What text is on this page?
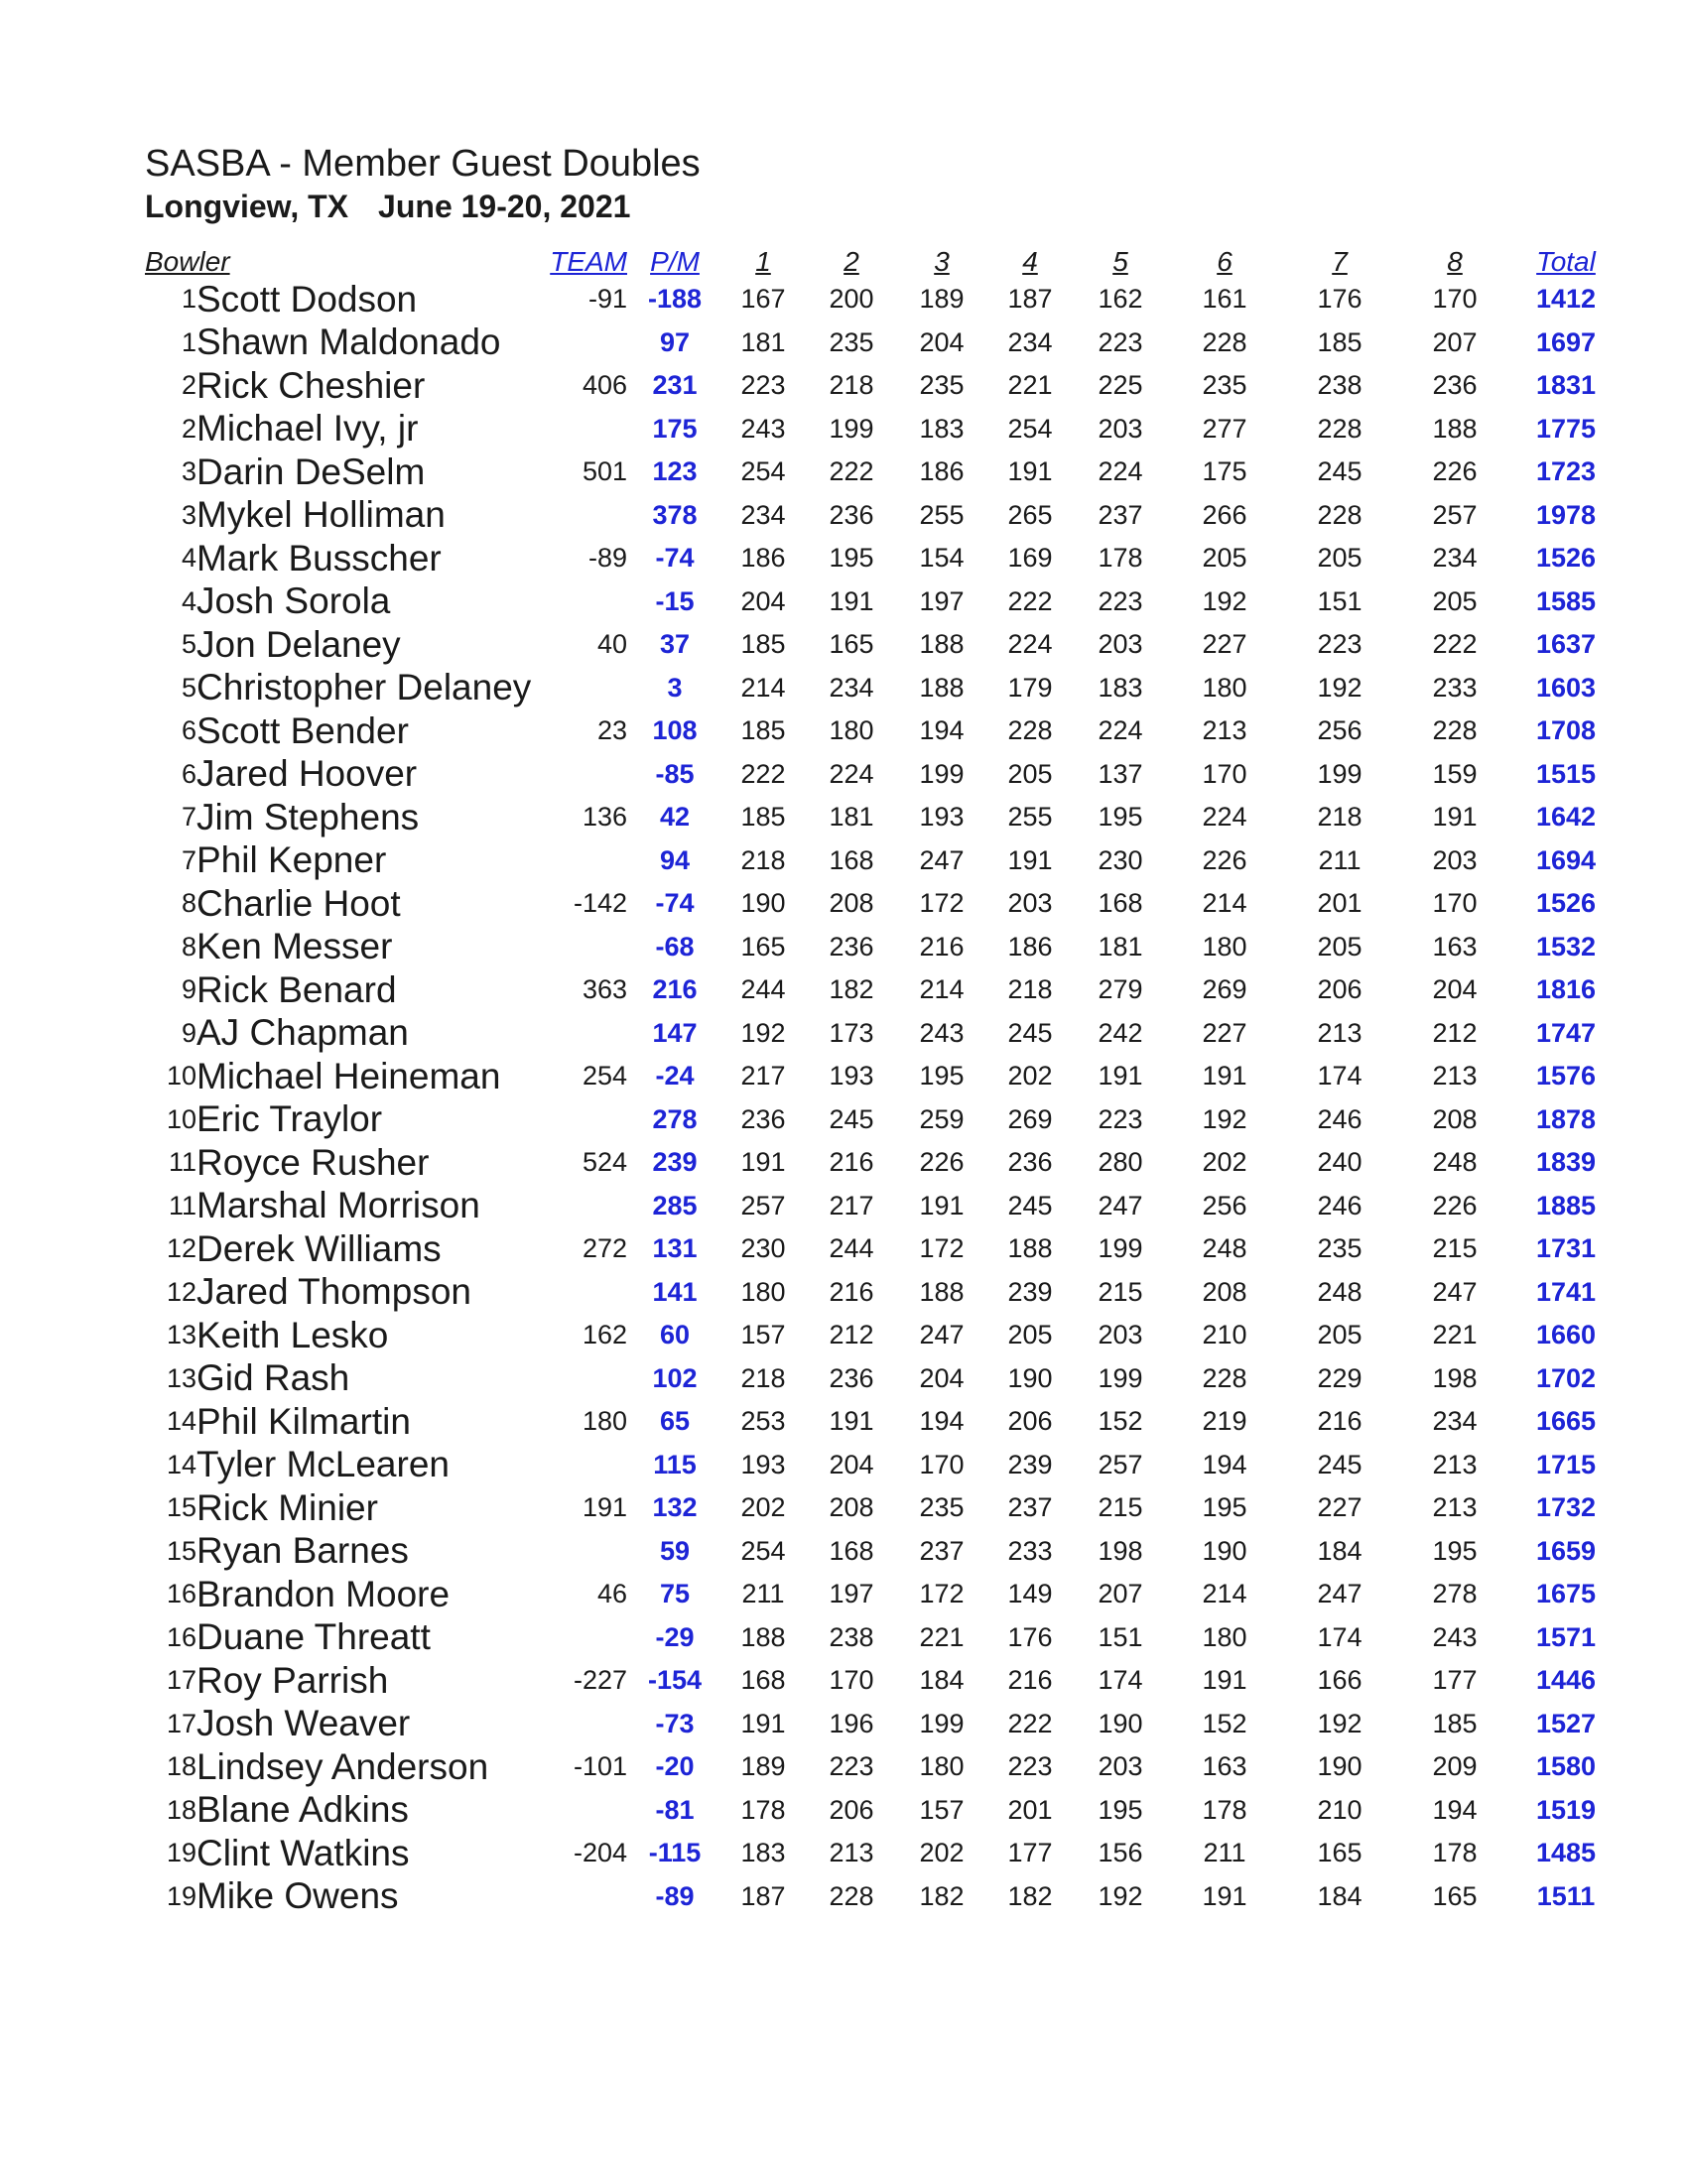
SASBA - Member Guest Doubles
Longview, TX June 19-20, 2021
Bowler		TEAM	P/M	1	2	3	4	5	6	7	8	Total
1	Scott Dodson	-91	-188	167	200	189	187	162	161	176	170	1412
1	Shawn Maldonado		97	181	235	204	234	223	228	185	207	1697
2	Rick Cheshier	406	231	223	218	235	221	225	235	238	236	1831
2	Michael Ivy, jr		175	243	199	183	254	203	277	228	188	1775
3	Darin DeSelm	501	123	254	222	186	191	224	175	245	226	1723
3	Mykel Holliman		378	234	236	255	265	237	266	228	257	1978
4	Mark Busscher	-89	-74	186	195	154	169	178	205	205	234	1526
4	Josh Sorola		-15	204	191	197	222	223	192	151	205	1585
5	Jon Delaney	40	37	185	165	188	224	203	227	223	222	1637
5	Christopher Delaney		3	214	234	188	179	183	180	192	233	1603
6	Scott Bender	23	108	185	180	194	228	224	213	256	228	1708
6	Jared Hoover		-85	222	224	199	205	137	170	199	159	1515
7	Jim Stephens	136	42	185	181	193	255	195	224	218	191	1642
7	Phil Kepner		94	218	168	247	191	230	226	211	203	1694
8	Charlie Hoot	-142	-74	190	208	172	203	168	214	201	170	1526
8	Ken Messer		-68	165	236	216	186	181	180	205	163	1532
9	Rick Benard	363	216	244	182	214	218	279	269	206	204	1816
9	AJ Chapman		147	192	173	243	245	242	227	213	212	1747
10	Michael Heineman	254	-24	217	193	195	202	191	191	174	213	1576
10	Eric Traylor		278	236	245	259	269	223	192	246	208	1878
11	Royce Rusher	524	239	191	216	226	236	280	202	240	248	1839
11	Marshal Morrison		285	257	217	191	245	247	256	246	226	1885
12	Derek Williams	272	131	230	244	172	188	199	248	235	215	1731
12	Jared Thompson		141	180	216	188	239	215	208	248	247	1741
13	Keith Lesko	162	60	157	212	247	205	203	210	205	221	1660
13	Gid Rash		102	218	236	204	190	199	228	229	198	1702
14	Phil Kilmartin	180	65	253	191	194	206	152	219	216	234	1665
14	Tyler McLearen		115	193	204	170	239	257	194	245	213	1715
15	Rick Minier	191	132	202	208	235	237	215	195	227	213	1732
15	Ryan Barnes		59	254	168	237	233	198	190	184	195	1659
16	Brandon Moore	46	75	211	197	172	149	207	214	247	278	1675
16	Duane Threatt		-29	188	238	221	176	151	180	174	243	1571
17	Roy Parrish	-227	-154	168	170	184	216	174	191	166	177	1446
17	Josh Weaver		-73	191	196	199	222	190	152	192	185	1527
18	Lindsey Anderson	-101	-20	189	223	180	223	203	163	190	209	1580
18	Blane Adkins		-81	178	206	157	201	195	178	210	194	1519
19	Clint Watkins	-204	-115	183	213	202	177	156	211	165	178	1485
19	Mike Owens		-89	187	228	182	182	192	191	184	165	1511
